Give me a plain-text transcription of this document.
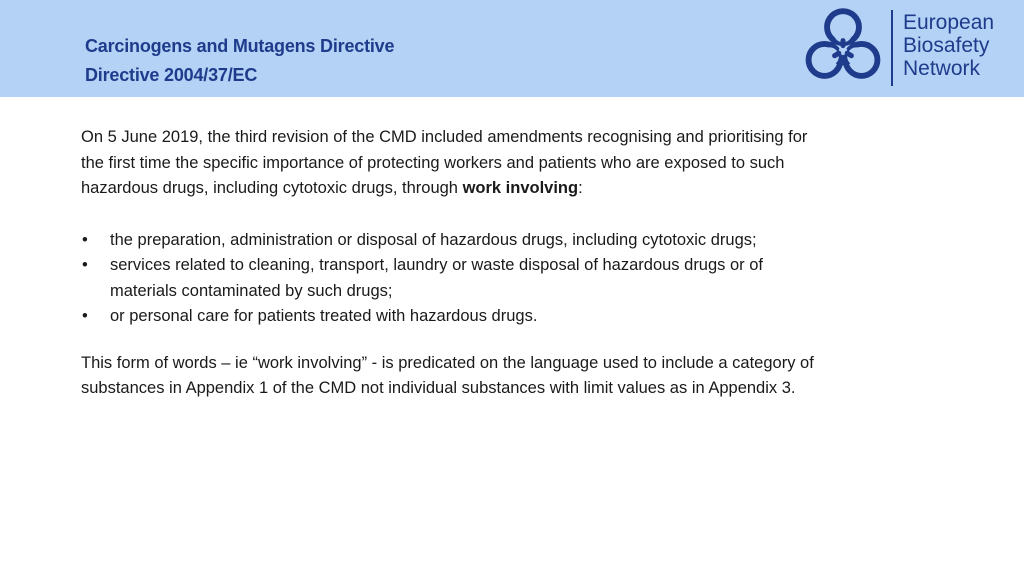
Carcinogens and Mutagens Directive
Directive 2004/37/EC
European
Biosafety
Network

On 5 June 2019, the third revision of the CMD included amendments recognising and prioritising for the first time the specific importance of protecting workers and patients who are exposed to such hazardous drugs, including cytotoxic drugs, through work involving:

• the preparation, administration or disposal of hazardous drugs, including cytotoxic drugs;
• services related to cleaning, transport, laundry or waste disposal of hazardous drugs or of materials contaminated by such drugs;
• or personal care for patients treated with hazardous drugs.

This form of words – ie “work involving” - is predicated on the language used to include a category of substances in Appendix 1 of the CMD not individual substances with limit values as in Appendix 3.
